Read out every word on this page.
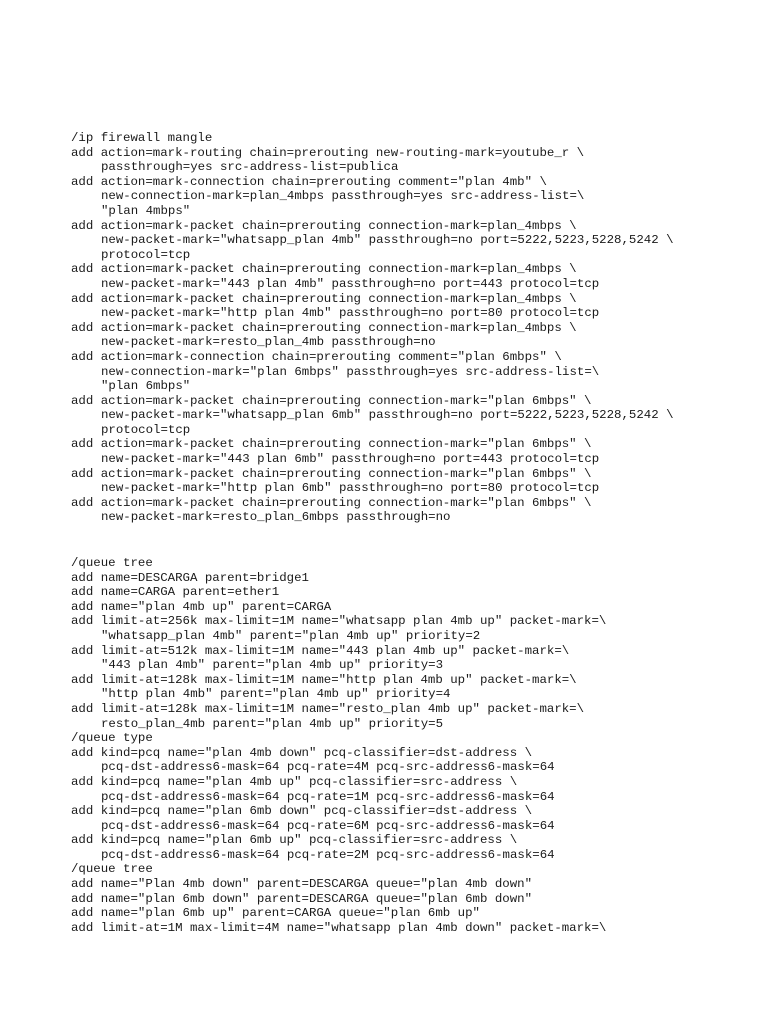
/ip firewall mangle
add action=mark-routing chain=prerouting new-routing-mark=youtube_r \
passthrough=yes src-address-list=publica
add action=mark-connection chain=prerouting comment="plan 4mb" \
new-connection-mark=plan_4mbps passthrough=yes src-address-list=\
"plan 4mbps"
add action=mark-packet chain=prerouting connection-mark=plan_4mbps \
new-packet-mark="whatsapp_plan 4mb" passthrough=no port=5222,5223,5228,5242 \
protocol=tcp
add action=mark-packet chain=prerouting connection-mark=plan_4mbps \
new-packet-mark="443 plan 4mb" passthrough=no port=443 protocol=tcp
add action=mark-packet chain=prerouting connection-mark=plan_4mbps \
new-packet-mark="http plan 4mb" passthrough=no port=80 protocol=tcp
add action=mark-packet chain=prerouting connection-mark=plan_4mbps \
new-packet-mark=resto_plan_4mb passthrough=no
add action=mark-connection chain=prerouting comment="plan 6mbps" \
new-connection-mark="plan 6mbps" passthrough=yes src-address-list=\
"plan 6mbps"
add action=mark-packet chain=prerouting connection-mark="plan 6mbps" \
new-packet-mark="whatsapp_plan 6mb" passthrough=no port=5222,5223,5228,5242 \
protocol=tcp
add action=mark-packet chain=prerouting connection-mark="plan 6mbps" \
new-packet-mark="443 plan 6mb" passthrough=no port=443 protocol=tcp
add action=mark-packet chain=prerouting connection-mark="plan 6mbps" \
new-packet-mark="http plan 6mb" passthrough=no port=80 protocol=tcp
add action=mark-packet chain=prerouting connection-mark="plan 6mbps" \
new-packet-mark=resto_plan_6mbps passthrough=no
/queue tree
add name=DESCARGA parent=bridge1
add name=CARGA parent=ether1
add name="plan 4mb up" parent=CARGA
add limit-at=256k max-limit=1M name="whatsapp plan 4mb up" packet-mark=\
"whatsapp_plan 4mb" parent="plan 4mb up" priority=2
add limit-at=512k max-limit=1M name="443 plan 4mb up" packet-mark=\
"443 plan 4mb" parent="plan 4mb up" priority=3
add limit-at=128k max-limit=1M name="http plan 4mb up" packet-mark=\
"http plan 4mb" parent="plan 4mb up" priority=4
add limit-at=128k max-limit=1M name="resto_plan 4mb up" packet-mark=\
resto_plan_4mb parent="plan 4mb up" priority=5
/queue type
add kind=pcq name="plan 4mb down" pcq-classifier=dst-address \
pcq-dst-address6-mask=64 pcq-rate=4M pcq-src-address6-mask=64
add kind=pcq name="plan 4mb up" pcq-classifier=src-address \
pcq-dst-address6-mask=64 pcq-rate=1M pcq-src-address6-mask=64
add kind=pcq name="plan 6mb down" pcq-classifier=dst-address \
pcq-dst-address6-mask=64 pcq-rate=6M pcq-src-address6-mask=64
add kind=pcq name="plan 6mb up" pcq-classifier=src-address \
pcq-dst-address6-mask=64 pcq-rate=2M pcq-src-address6-mask=64
/queue tree
add name="Plan 4mb down" parent=DESCARGA queue="plan 4mb down"
add name="plan 6mb down" parent=DESCARGA queue="plan 6mb down"
add name="plan 6mb up" parent=CARGA queue="plan 6mb up"
add limit-at=1M max-limit=4M name="whatsapp plan 4mb down" packet-mark=\
